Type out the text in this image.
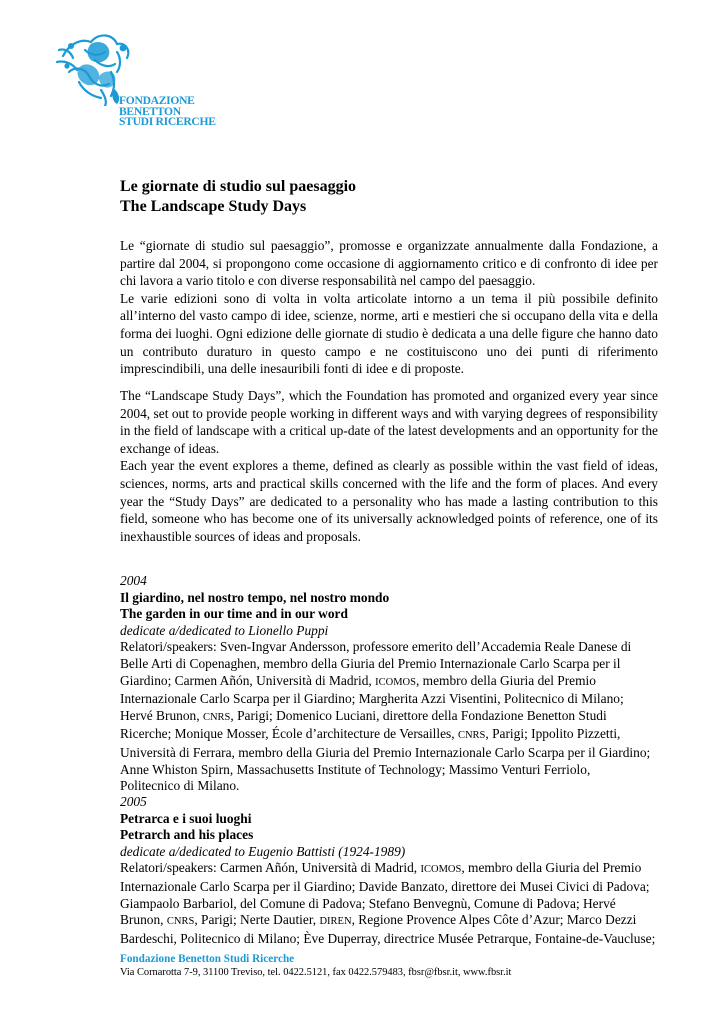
FONDAZIONE
BENETTON
STUDI RICERCHE
Le giornate di studio sul paesaggio
The Landscape Study Days

Le “giornate di studio sul paesaggio”, promosse e organizzate annualmente dalla Fondazione, a partire dal 2004, si propongono come occasione di aggiornamento critico e di confronto di idee per chi lavora a vario titolo e con diverse responsabilità nel campo del paesaggio.

Le varie edizioni sono di volta in volta articolate intorno a un tema il più possibile definito all’interno del vasto campo di idee, scienze, norme, arti e mestieri che si occupano della vita e della forma dei luoghi. Ogni edizione delle giornate di studio è dedicata a una delle figure che hanno dato un contributo duraturo in questo campo e ne costituiscono uno dei punti di riferimento imprescindibili, una delle inesauribili fonti di idee e di proposte.

The “Landscape Study Days”, which the Foundation has promoted and organized every year since 2004, set out to provide people working in different ways and with varying degrees of responsibility in the field of landscape with a critical up-date of the latest developments and an opportunity for the exchange of ideas.

Each year the event explores a theme, defined as clearly as possible within the vast field of ideas, sciences, norms, arts and practical skills concerned with the life and the form of places. And every year the “Study Days” are dedicated to a personality who has made a lasting contribution to this field, someone who has become one of its universally acknowledged points of reference, one of its inexhaustible sources of ideas and proposals.

2004
Il giardino, nel nostro tempo, nel nostro mondo
The garden in our time and in our word
dedicate a/dedicated to Lionello Puppi
Relatori/speakers: Sven-Ingvar Andersson, professore emerito dell’Accademia Reale Danese di
Belle Arti di Copenaghen, membro della Giuria del Premio Internazionale Carlo Scarpa per il
Giardino; Carmen Añón, Università di Madrid, ICOMOS, membro della Giuria del Premio
Internazionale Carlo Scarpa per il Giardino; Margherita Azzi Visentini, Politecnico di Milano;
Hervé Brunon, CNRS, Parigi; Domenico Luciani, direttore della Fondazione Benetton Studi
Ricerche; Monique Mosser, École d’architecture de Versailles, CNRS, Parigi; Ippolito Pizzetti,
Università di Ferrara, membro della Giuria del Premio Internazionale Carlo Scarpa per il Giardino;
Anne Whiston Spirn, Massachusetts Institute of Technology; Massimo Venturi Ferriolo,
Politecnico di Milano.
2005
Petrarca e i suoi luoghi
Petrarch and his places
dedicate a/dedicated to Eugenio Battisti (1924-1989)
Relatori/speakers: Carmen Añón, Università di Madrid, ICOMOS, membro della Giuria del Premio
Internazionale Carlo Scarpa per il Giardino; Davide Banzato, direttore dei Musei Civici di Padova;
Giampaolo Barbariol, del Comune di Padova; Stefano Benvegnù, Comune di Padova; Hervé
Brunon, CNRS, Parigi; Nerte Dautier, DIREN, Regione Provence Alpes Côte d’Azur; Marco Dezzi
Bardeschi, Politecnico di Milano; Ève Duperray, directrice Musée Petrarque, Fontaine-de-Vaucluse;
Fondazione Benetton Studi Ricerche
Via Cornarotta 7-9, 31100 Treviso, tel. 0422.5121, fax 0422.579483, fbsr@fbsr.it, www.fbsr.it
